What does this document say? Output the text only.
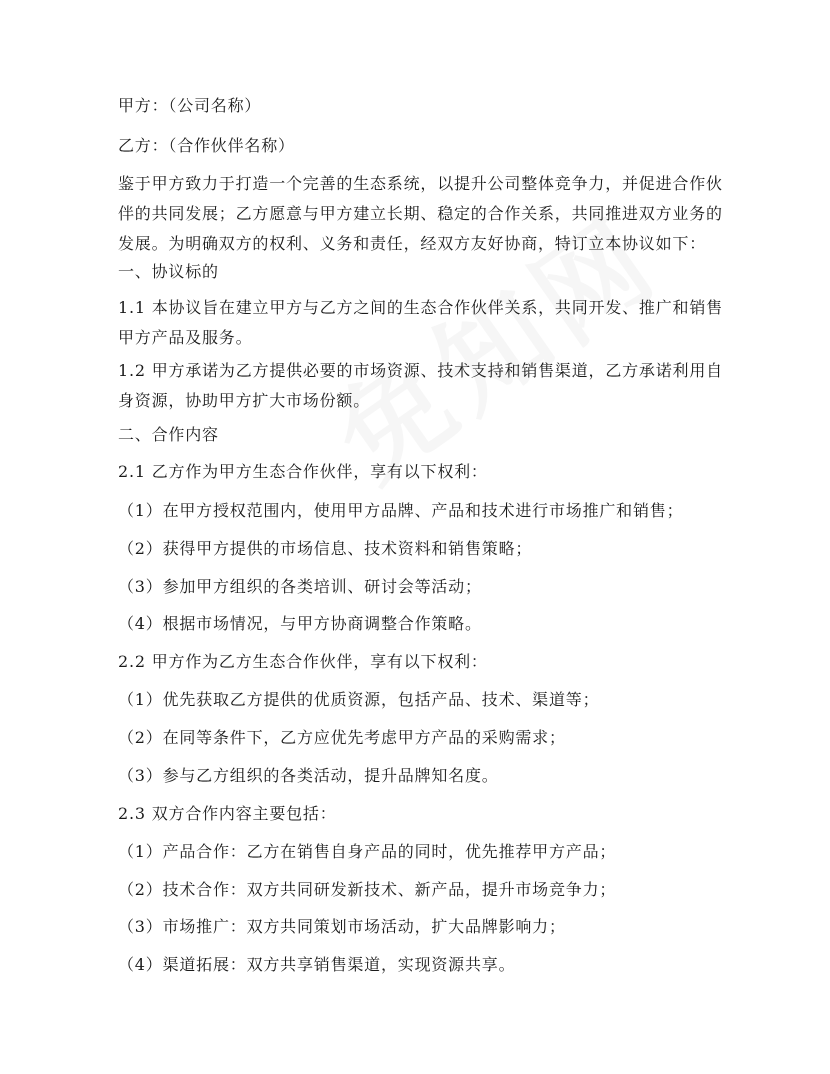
甲方：（公司名称）
乙方：（合作伙伴名称）
鉴于甲方致力于打造一个完善的生态系统，以提升公司整体竞争力，并促进合作伙
伴的共同发展；乙方愿意与甲方建立长期、稳定的合作关系，共同推进双方业务的
发展。为明确双方的权利、义务和责任，经双方友好协商，特订立本协议如下：
一、协议标的
1.1 本协议旨在建立甲方与乙方之间的生态合作伙伴关系，共同开发、推广和销售
甲方产品及服务。
1.2 甲方承诺为乙方提供必要的市场资源、技术支持和销售渠道，乙方承诺利用自
身资源，协助甲方扩大市场份额。
二、合作内容
2.1 乙方作为甲方生态合作伙伴，享有以下权利：
（1）在甲方授权范围内，使用甲方品牌、产品和技术进行市场推广和销售；
（2）获得甲方提供的市场信息、技术资料和销售策略；
（3）参加甲方组织的各类培训、研讨会等活动；
（4）根据市场情况，与甲方协商调整合作策略。
2.2 甲方作为乙方生态合作伙伴，享有以下权利：
（1）优先获取乙方提供的优质资源，包括产品、技术、渠道等；
（2）在同等条件下，乙方应优先考虑甲方产品的采购需求；
（3）参与乙方组织的各类活动，提升品牌知名度。
2.3 双方合作内容主要包括：
（1）产品合作：乙方在销售自身产品的同时，优先推荐甲方产品；
（2）技术合作：双方共同研发新技术、新产品，提升市场竞争力；
（3）市场推广：双方共同策划市场活动，扩大品牌影响力；
（4）渠道拓展：双方共享销售渠道，实现资源共享。
